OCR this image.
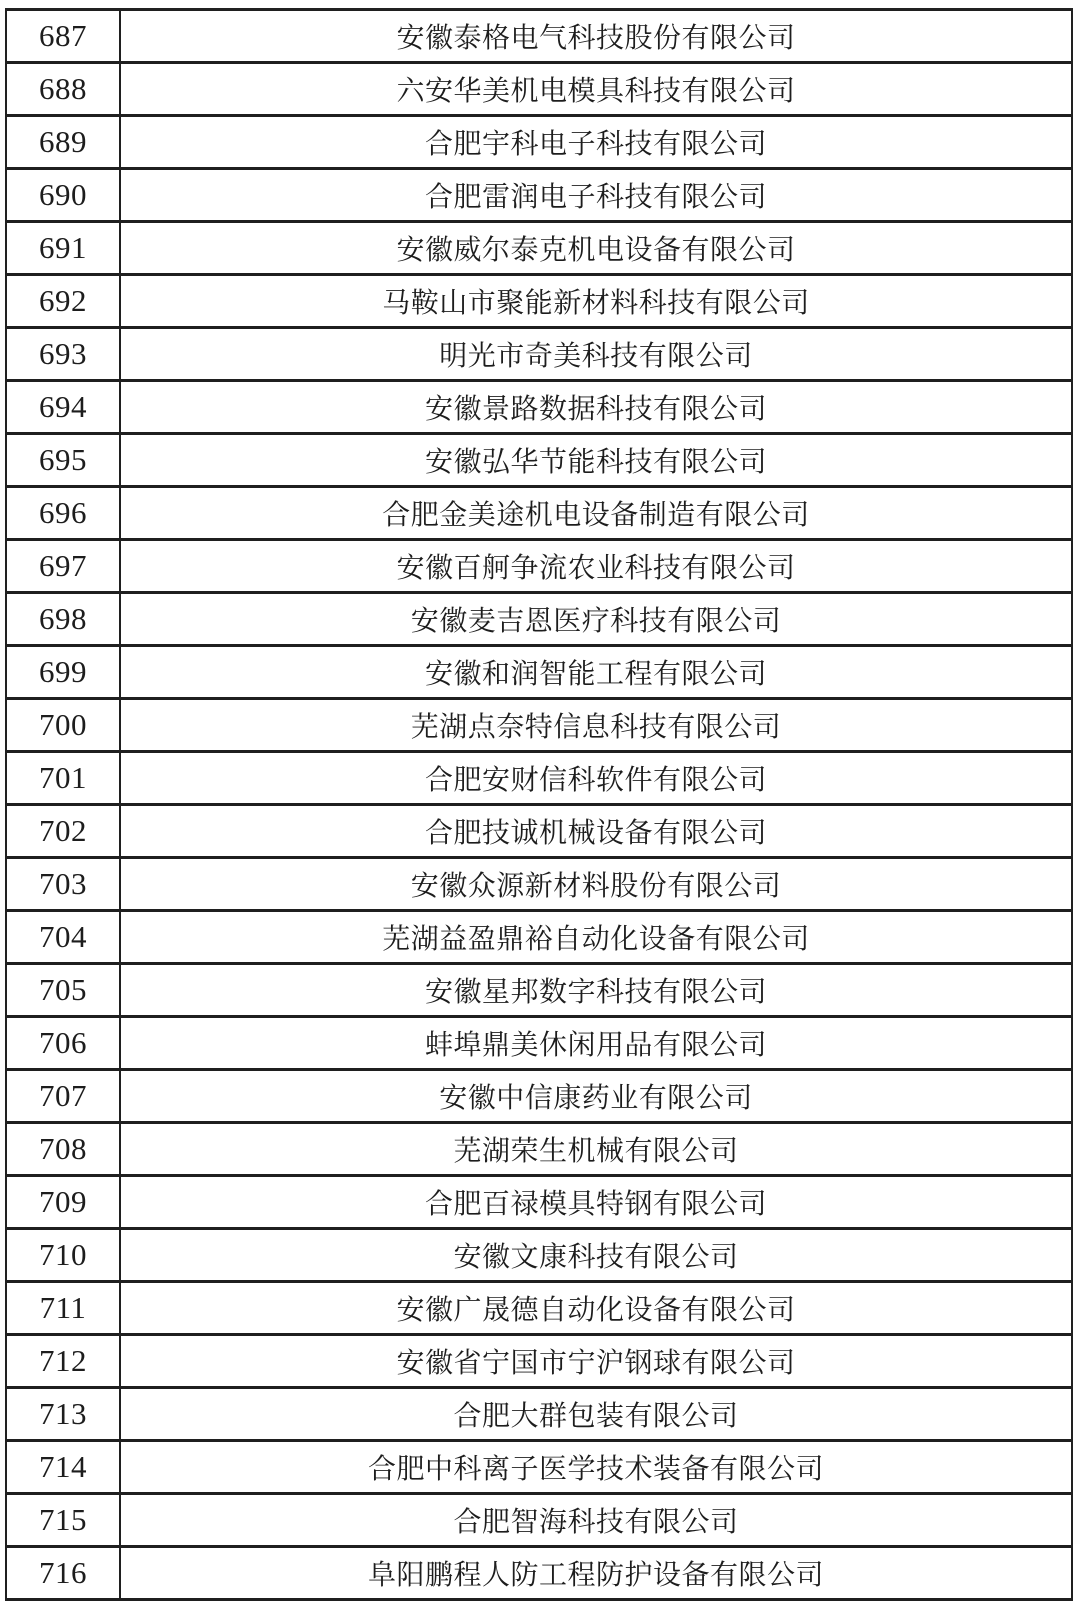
687	安徽泰格电气科技股份有限公司
688	六安华美机电模具科技有限公司
689	合肥宇科电子科技有限公司
690	合肥雷润电子科技有限公司
691	安徽威尔泰克机电设备有限公司
692	马鞍山市聚能新材料科技有限公司
693	明光市奇美科技有限公司
694	安徽景路数据科技有限公司
695	安徽弘华节能科技有限公司
696	合肥金美途机电设备制造有限公司
697	安徽百舸争流农业科技有限公司
698	安徽麦吉恩医疗科技有限公司
699	安徽和润智能工程有限公司
700	芜湖点奈特信息科技有限公司
701	合肥安财信科软件有限公司
702	合肥技诚机械设备有限公司
703	安徽众源新材料股份有限公司
704	芜湖益盈鼎裕自动化设备有限公司
705	安徽星邦数字科技有限公司
706	蚌埠鼎美休闲用品有限公司
707	安徽中信康药业有限公司
708	芜湖荣生机械有限公司
709	合肥百禄模具特钢有限公司
710	安徽文康科技有限公司
711	安徽广晟德自动化设备有限公司
712	安徽省宁国市宁沪钢球有限公司
713	合肥大群包装有限公司
714	合肥中科离子医学技术装备有限公司
715	合肥智海科技有限公司
716	阜阳鹏程人防工程防护设备有限公司
